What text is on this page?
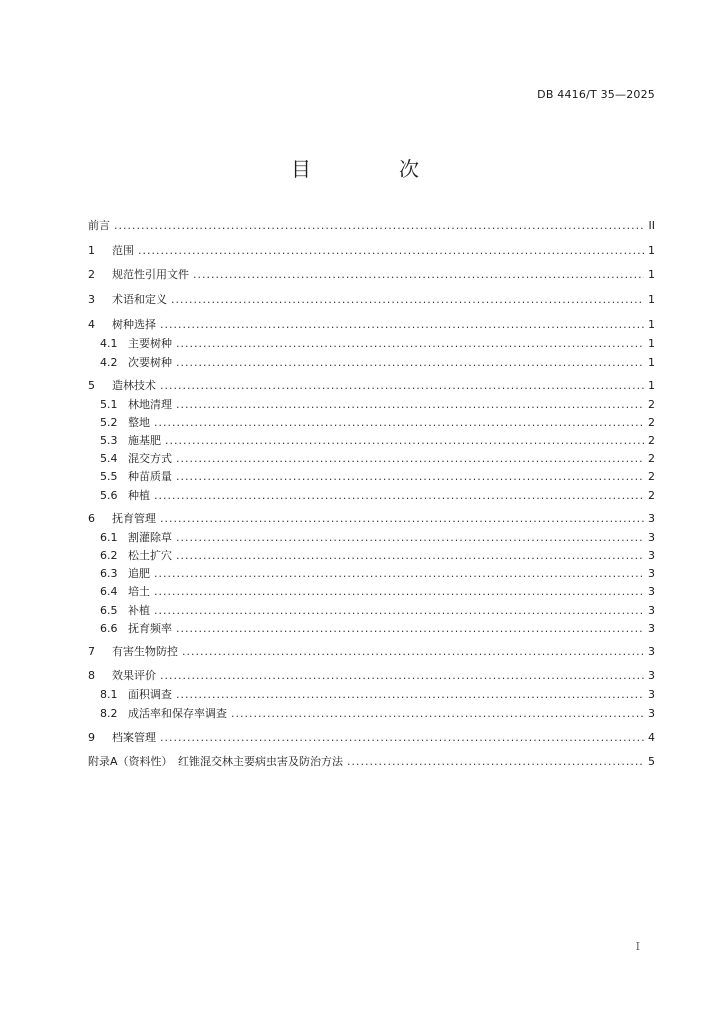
DB 4416/T 35—2025
目　次
前言 .....	II
1	范围 .....	1
2	规范性引用文件 .....	1
3	术语和定义 .....	1
4	树种选择 .....	1
4.1 主要树种 .....	1
4.2 次要树种 .....	1
5	造林技术 .....	1
5.1 林地清理 .....	2
5.2 整地 .....	2
5.3 施基肥 .....	2
5.4 混交方式 .....	2
5.5 种苗质量 .....	2
5.6 种植 .....	2
6	抚育管理 .....	3
6.1 割灌除草 .....	3
6.2 松土扩穴 .....	3
6.3 追肥 .....	3
6.4 培土 .....	3
6.5 补植 .....	3
6.6 抚育频率 .....	3
7	有害生物防控 .....	3
8	效果评价 .....	3
8.1 面积调查 .....	3
8.2 成活率和保存率调查 .....	3
9	档案管理 .....	4
附录A（资料性）　红锥混交林主要病虫害及防治方法 .....	5
I
